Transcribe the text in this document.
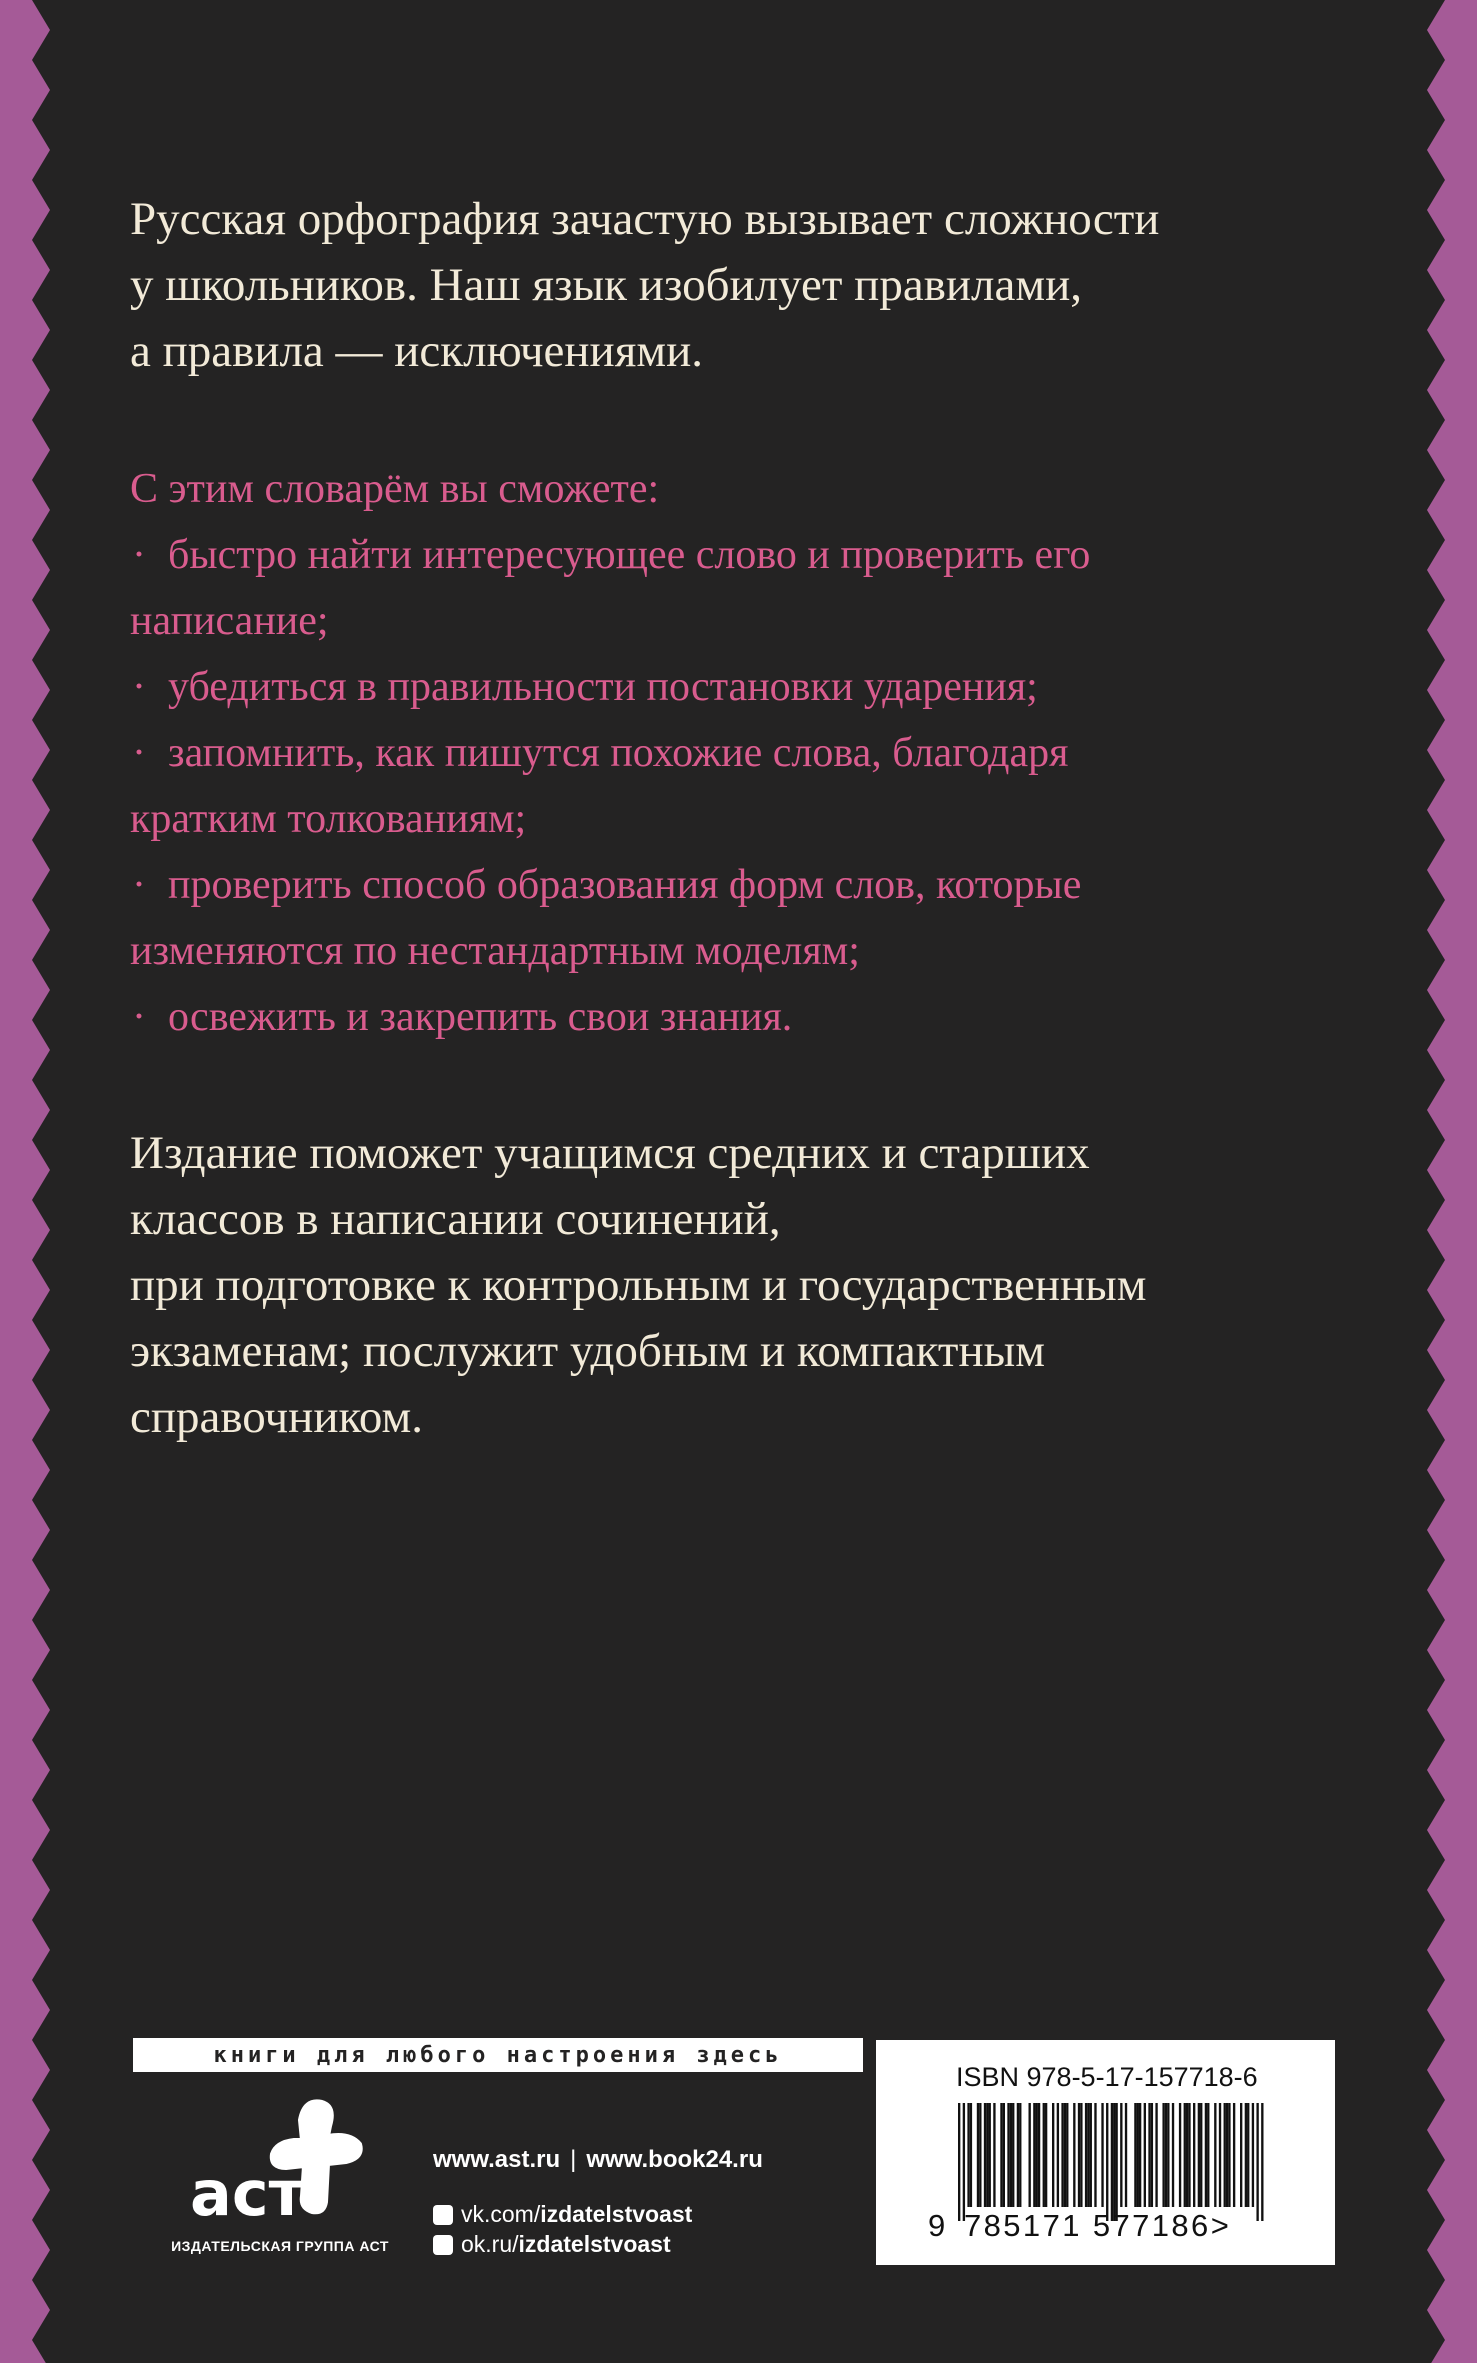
Русская орфография зачастую вызывает сложности

у школьников. Наш язык изобилует правилами,

а правила — исключениями.

С этим словарём вы сможете:

· быстро найти интересующее слово и проверить его

написание;

· убедиться в правильности постановки ударения;

· запомнить, как пишутся похожие слова, благодаря

кратким толкованиям;

· проверить способ образования форм слов, которые

изменяются по нестандартным моделям;

· освежить и закрепить свои знания.

Издание поможет учащимся средних и старших

классов в написании сочинений,

при подготовке к контрольным и государственным

экзаменам; послужит удобным и компактным

справочником.

книги для любого настроения здесь
аст
ИЗДАТЕЛЬСКАЯ ГРУППА АСТ
www.ast.ru | www.book24.ru
vk.com/ izdatelstvoast
ok.ru/ izdatelstvoast
ISBN 978-5-17-157718-6
9 785171 577186>
